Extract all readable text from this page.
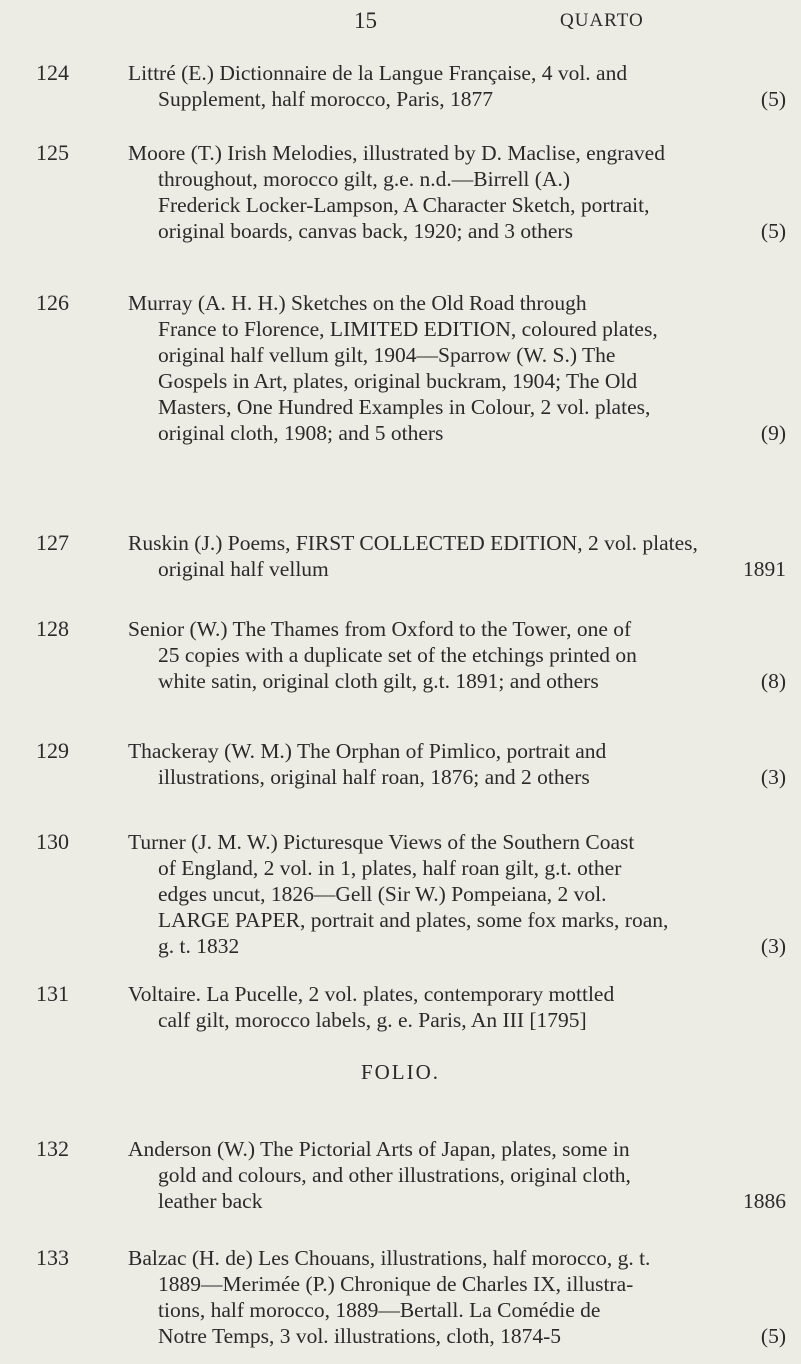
15	QUARTO
124	Littré (E.) Dictionnaire de la Langue Française, 4 vol. and
Supplement, half morocco, Paris, 1877	(5)
125	Moore (T.) Irish Melodies, illustrated by D. Maclise, engraved
throughout, morocco gilt, g.e. n.d.—Birrell (A.)
Frederick Locker-Lampson, A Character Sketch, portrait,
original boards, canvas back, 1920; and 3 others	(5)
126	Murray (A. H. H.) Sketches on the Old Road through
France to Florence, LIMITED EDITION, coloured plates,
original half vellum gilt, 1904—Sparrow (W. S.) The
Gospels in Art, plates, original buckram, 1904; The Old
Masters, One Hundred Examples in Colour, 2 vol. plates,
original cloth, 1908; and 5 others	(9)
127	Ruskin (J.) Poems, FIRST COLLECTED EDITION, 2 vol. plates,
original half vellum	1891
128	Senior (W.) The Thames from Oxford to the Tower, one of
25 copies with a duplicate set of the etchings printed on
white satin, original cloth gilt, g.t. 1891; and others	(8)
129	Thackeray (W. M.) The Orphan of Pimlico, portrait and
illustrations, original half roan, 1876; and 2 others	(3)
130	Turner (J. M. W.) Picturesque Views of the Southern Coast
of England, 2 vol. in 1, plates, half roan gilt, g.t. other
edges uncut, 1826—Gell (Sir W.) Pompeiana, 2 vol.
LARGE PAPER, portrait and plates, some fox marks, roan,
g. t. 1832	(3)
131	Voltaire. La Pucelle, 2 vol. plates, contemporary mottled
calf gilt, morocco labels, g. e. Paris, An III [1795]
132	Anderson (W.) The Pictorial Arts of Japan, plates, some in
gold and colours, and other illustrations, original cloth,
leather back	1886
133	Balzac (H. de) Les Chouans, illustrations, half morocco, g. t.
1889—Merimée (P.) Chronique de Charles IX, illustra-
tions, half morocco, 1889—Bertall. La Comédie de
Notre Temps, 3 vol. illustrations, cloth, 1874-5	(5)
FOLIO.
